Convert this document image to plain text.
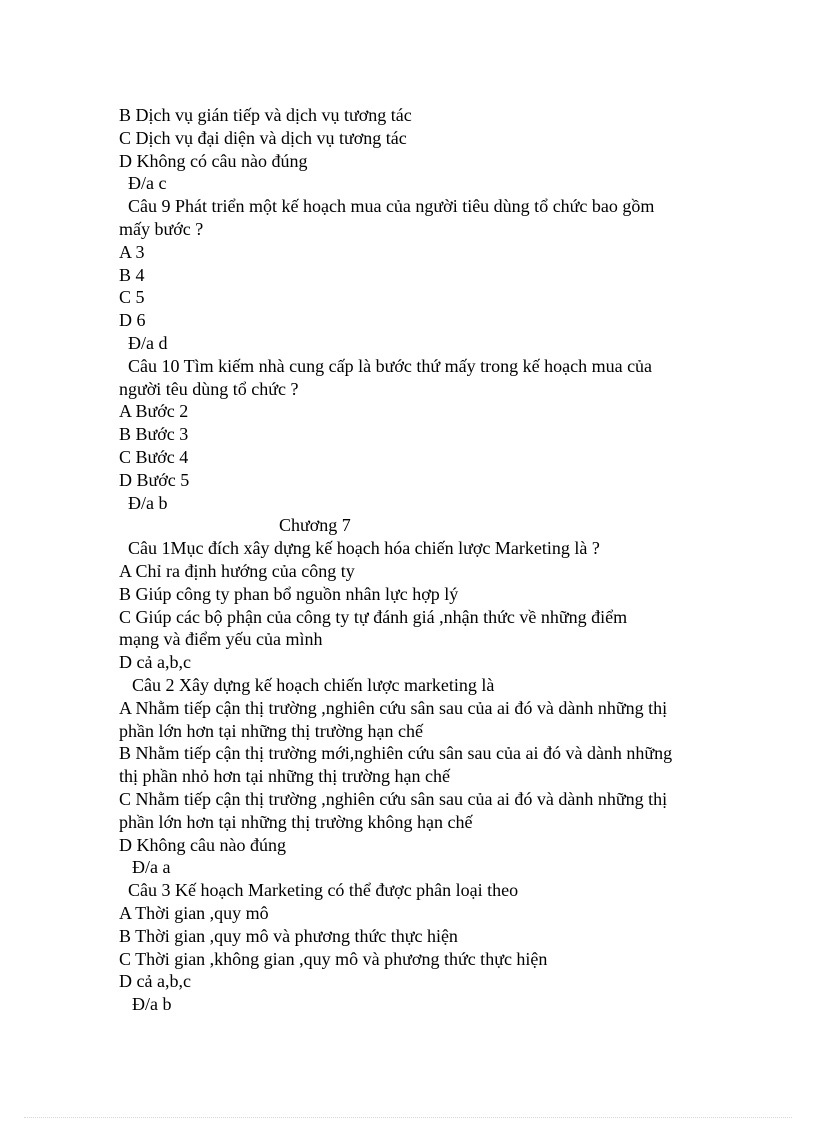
B Dịch vụ gián tiếp và dịch vụ tương tác
C Dịch vụ đại diện và dịch vụ tương tác
D Không có câu nào đúng
Đ/a c
Câu 9 Phát triển một kế hoạch mua của người tiêu dùng tổ chức bao gồm
mấy bước ?
A 3
B 4
C 5
D 6
Đ/a d
Câu 10 Tìm kiếm nhà cung cấp là bước thứ mấy trong kế hoạch mua của
người têu dùng tổ chức ?
A Bước 2
B Bước 3
C Bước 4
D Bước 5
Đ/a b
Chương 7
Câu 1Mục đích xây dựng kế hoạch hóa chiến lược Marketing là ?
A Chỉ ra định hướng của công ty
B Giúp công ty phan bổ nguồn nhân lực hợp lý
C Giúp các bộ phận của công ty tự đánh giá ,nhận thức về những điểm
mạng và điểm yếu của mình
D cả a,b,c
Câu 2 Xây dựng kế hoạch chiến lược marketing là
A Nhằm tiếp cận thị trường ,nghiên cứu sân sau của ai đó và dành những thị
phần lớn hơn tại những thị trường hạn chế
B Nhằm tiếp cận thị trường mới,nghiên cứu sân sau của ai đó và dành những
thị phần nhỏ hơn tại những thị trường hạn chế
C Nhằm tiếp cận thị trường ,nghiên cứu sân sau của ai đó và dành những thị
phần lớn hơn tại những thị trường không hạn chế
D Không câu nào đúng
Đ/a a
Câu 3 Kế hoạch Marketing có thể được phân loại theo
A Thời gian ,quy mô
B Thời gian ,quy mô và phương thức thực hiện
C Thời gian ,không gian ,quy mô và phương thức thực hiện
D cả a,b,c
Đ/a b
